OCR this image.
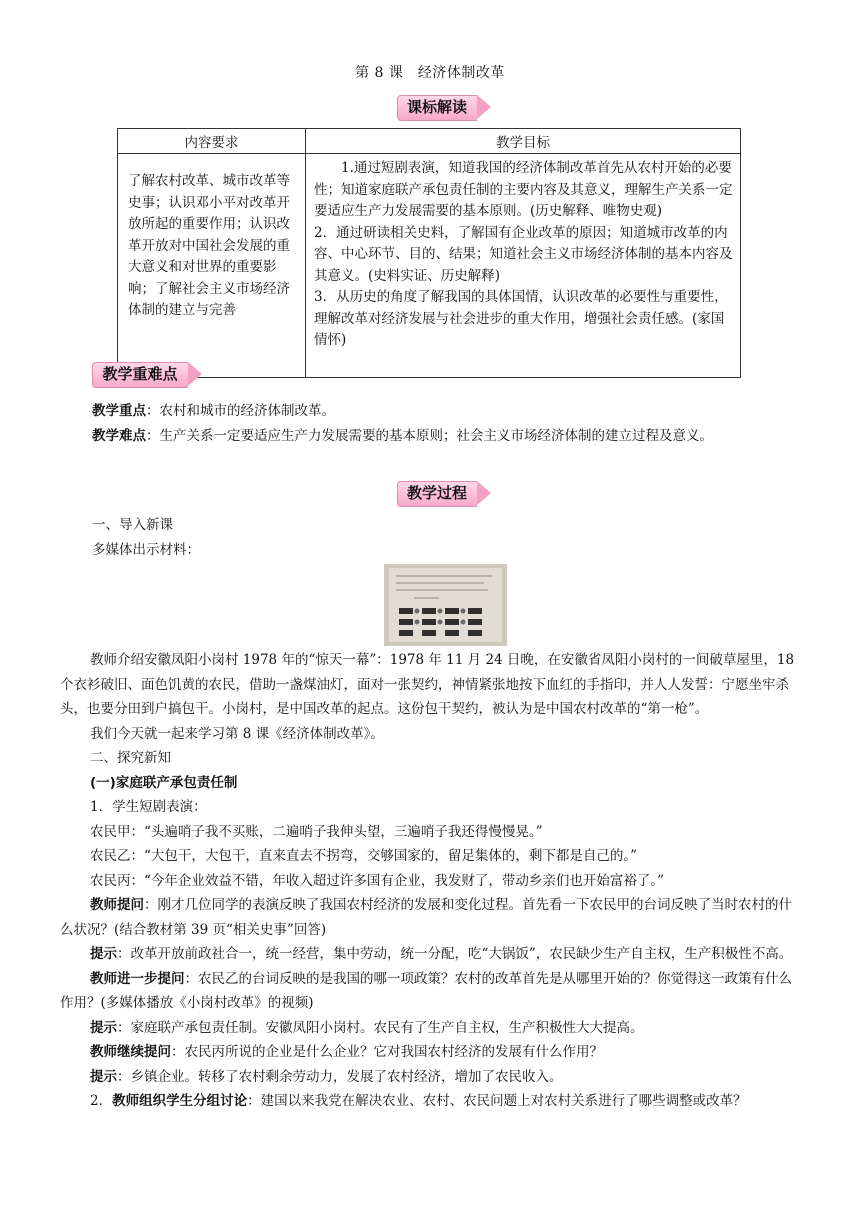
第 8 课　经济体制改革
课标解读
内容要求	教学目标
了解农村改革、城市改革等史事；认识邓小平对改革开放所起的重要作用；认识改革开放对中国社会发展的重大意义和对世界的重要影响；了解社会主义市场经济体制的建立与完善	1.通过短剧表演，知道我国的经济体制改革首先从农村开始的必要性；知道家庭联产承包责任制的主要内容及其意义，理解生产关系一定要适应生产力发展需要的基本原则。(历史解释、唯物史观)

2．通过研读相关史料，了解国有企业改革的原因；知道城市改革的内容、中心环节、目的、结果；知道社会主义市场经济体制的基本内容及其意义。(史料实证、历史解释)

3．从历史的角度了解我国的具体国情，认识改革的必要性与重要性，理解改革对经济发展与社会进步的重大作用，增强社会责任感。(家国情怀)

教学重难点

教学重点：农村和城市的经济体制改革。

教学难点：生产关系一定要适应生产力发展需要的基本原则；社会主义市场经济体制的建立过程及意义。

教学过程

一、导入新课

多媒体出示材料：

教师介绍安徽凤阳小岗村 1978 年的“惊天一幕”：1978 年 11 月 24 日晚，在安徽省凤阳小岗村的一间破草屋里，18 个衣衫破旧、面色饥黄的农民，借助一盏煤油灯，面对一张契约，神情紧张地按下血红的手指印，并人人发誓：宁愿坐牢杀头，也要分田到户搞包干。小岗村，是中国改革的起点。这份包干契约，被认为是中国农村改革的“第一枪”。

我们今天就一起来学习第 8 课《经济体制改革》。

二、探究新知

(一)家庭联产承包责任制

1．学生短剧表演：

农民甲：“头遍哨子我不买账，二遍哨子我伸头望，三遍哨子我还得慢慢晃。”

农民乙：“大包干，大包干，直来直去不拐弯，交够国家的，留足集体的，剩下都是自己的。”

农民丙：“今年企业效益不错，年收入超过许多国有企业，我发财了，带动乡亲们也开始富裕了。”

教师提问：刚才几位同学的表演反映了我国农村经济的发展和变化过程。首先看一下农民甲的台词反映了当时农村的什么状况？(结合教材第 39 页“相关史事”回答)

提示：改革开放前政社合一，统一经营，集中劳动，统一分配，吃“大锅饭”，农民缺少生产自主权，生产积极性不高。

教师进一步提问：农民乙的台词反映的是我国的哪一项政策？农村的改革首先是从哪里开始的？你觉得这一政策有什么作用？(多媒体播放《小岗村改革》的视频)

提示：家庭联产承包责任制。安徽凤阳小岗村。农民有了生产自主权，生产积极性大大提高。

教师继续提问：农民丙所说的企业是什么企业？它对我国农村经济的发展有什么作用？

提示：乡镇企业。转移了农村剩余劳动力，发展了农村经济，增加了农民收入。

2．教师组织学生分组讨论：建国以来我党在解决农业、农村、农民问题上对农村关系进行了哪些调整或改革？
